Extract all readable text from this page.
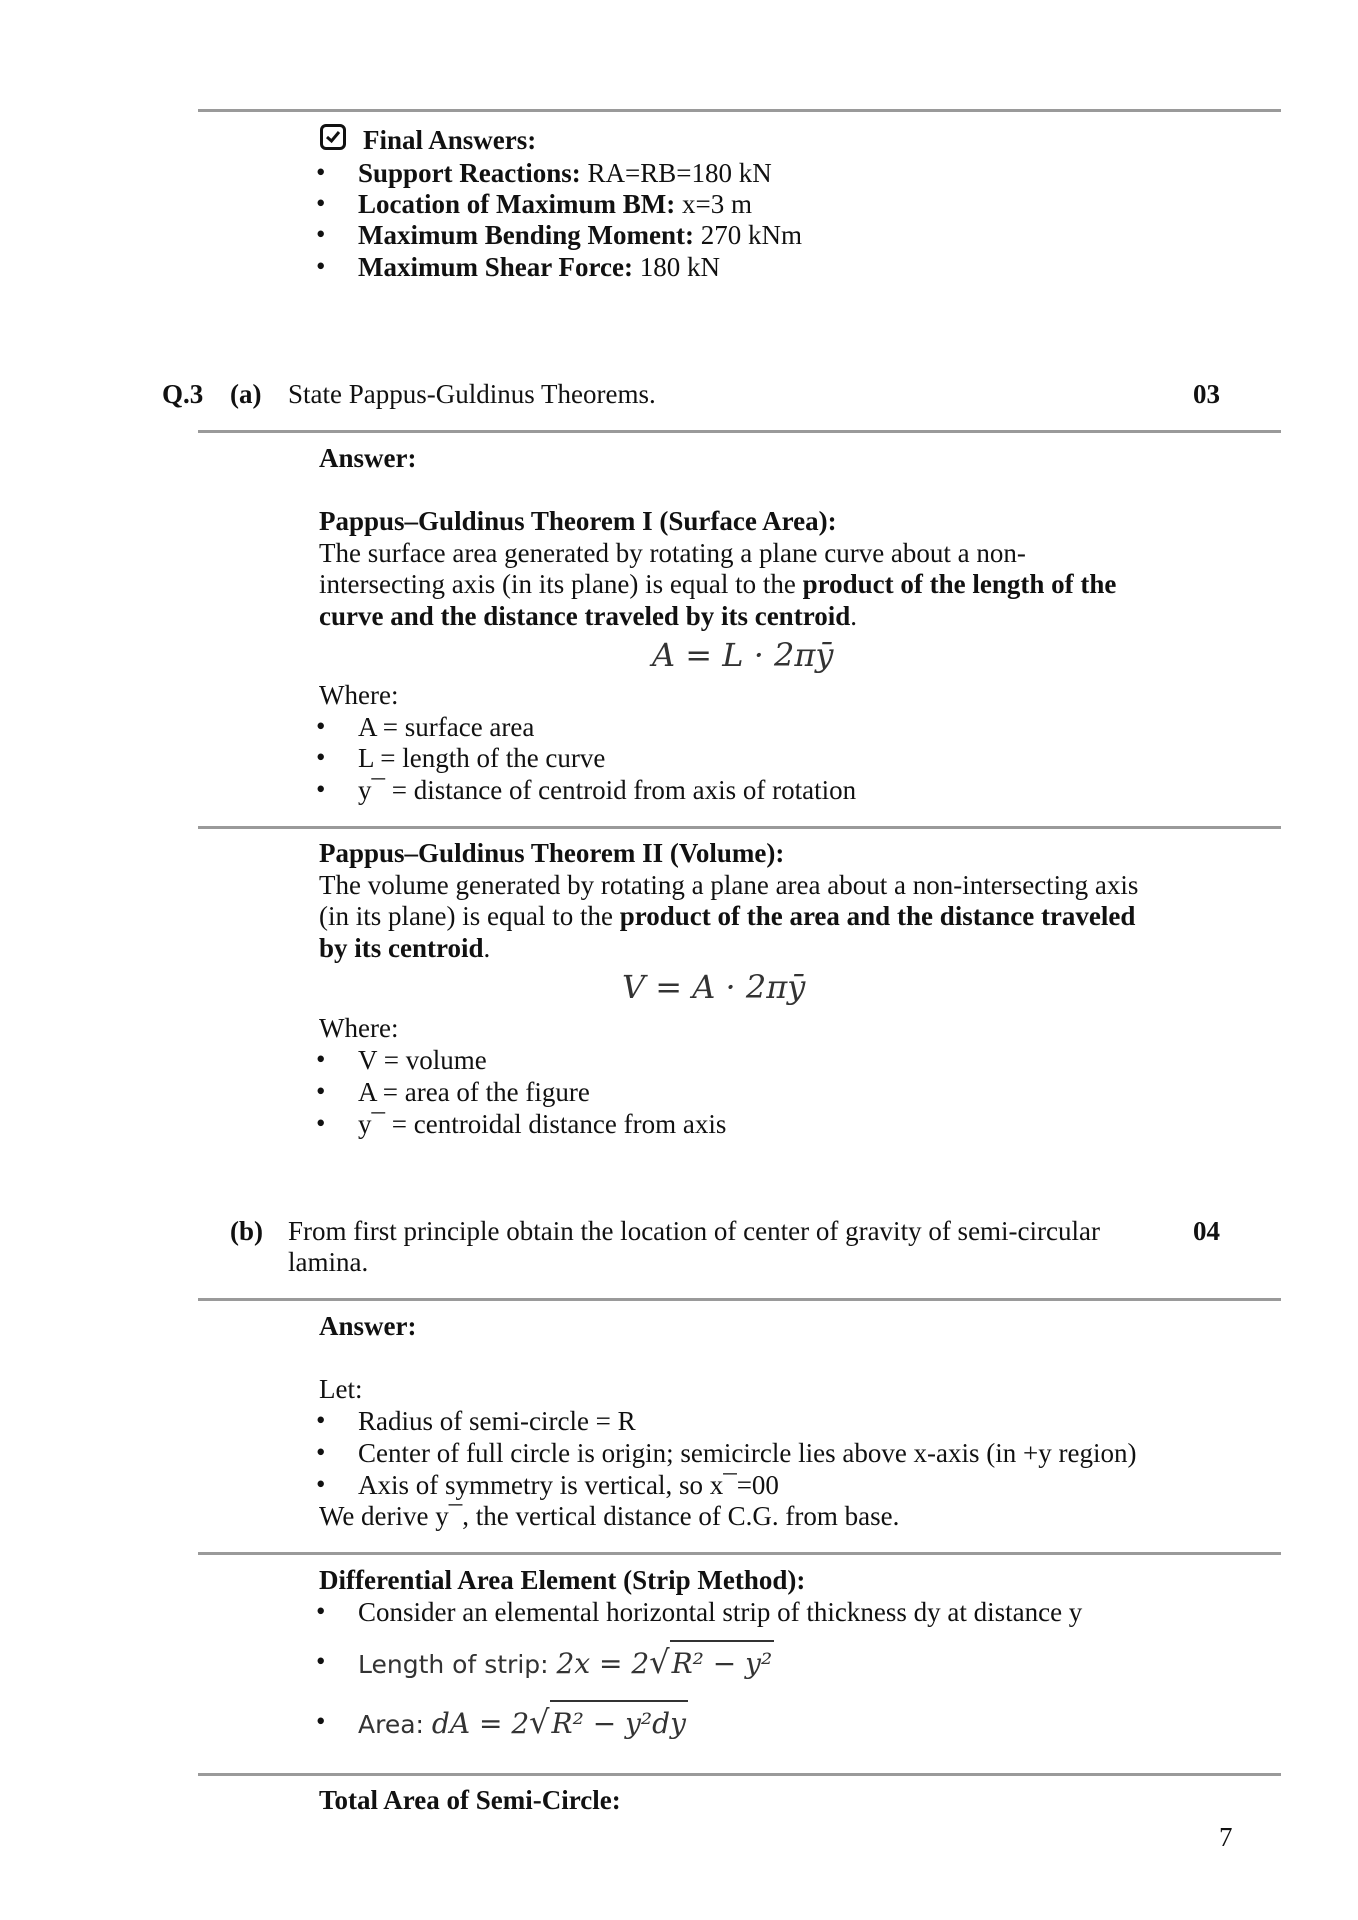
Final Answers:
• Support Reactions: RA=RB=180 kN
• Location of Maximum BM: x=3 m
• Maximum Bending Moment: 270 kNm
• Maximum Shear Force: 180 kN
Q.3 (a) State Pappus-Guldinus Theorems.	03
Answer:
Pappus–Guldinus Theorem I (Surface Area):
The surface area generated by rotating a plane curve about a non-
intersecting axis (in its plane) is equal to the product of the length of the
curve and the distance traveled by its centroid.
A = L · 2πȳ
Where:
• A = surface area
• L = length of the curve
• y¯ = distance of centroid from axis of rotation
Pappus–Guldinus Theorem II (Volume):
The volume generated by rotating a plane area about a non-intersecting axis
(in its plane) is equal to the product of the area and the distance traveled
by its centroid.
V = A · 2πȳ
Where:
• V = volume
• A = area of the figure
• y¯ = centroidal distance from axis
(b) From first principle obtain the location of center of gravity of semi-circular
lamina.
04
Answer:
Let:
• Radius of semi-circle = R
• Center of full circle is origin; semicircle lies above x-axis (in +y region)
• Axis of symmetry is vertical, so x¯=00
We derive y¯, the vertical distance of C.G. from base.
Differential Area Element (Strip Method):
• Consider an elemental horizontal strip of thickness dy at distance y
• Length of strip: 2x = 2√R² − y²
• Area: dA = 2√R² − y²dy
Total Area of Semi-Circle:
7
